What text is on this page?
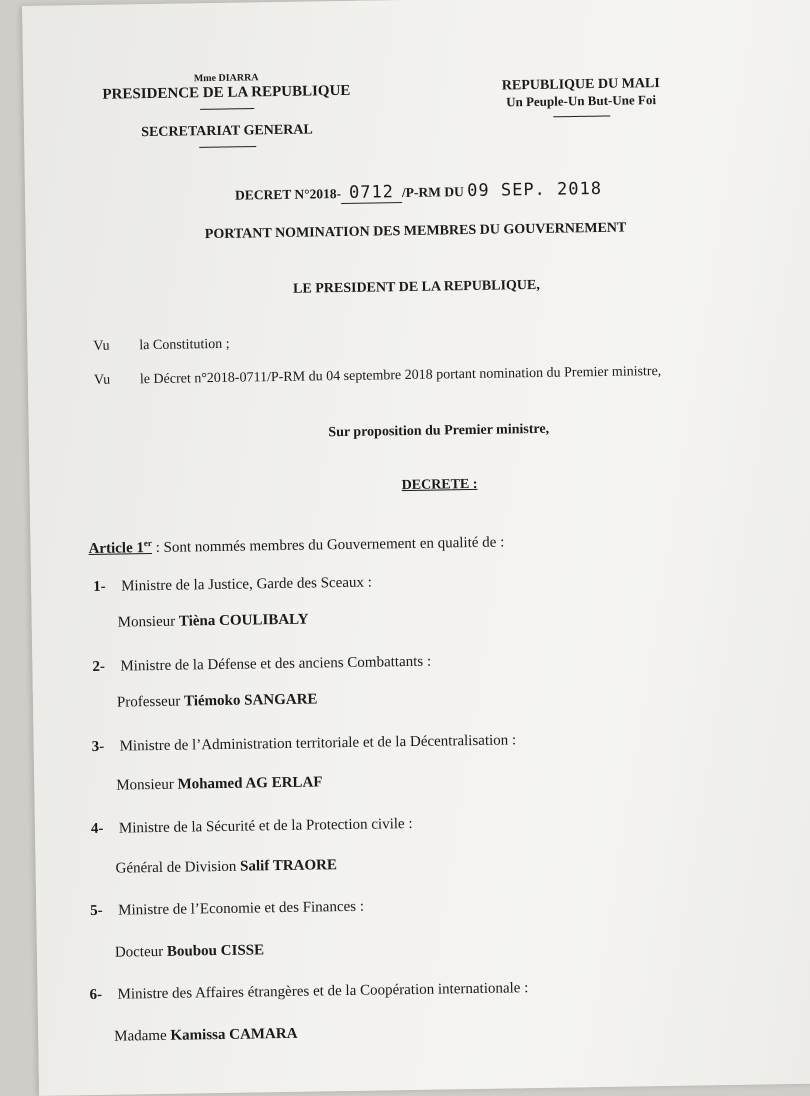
Mme DIARRA
PRESIDENCE DE LA REPUBLIQUE
------------------
SECRETARIAT GENERAL
-------------------
REPUBLIQUE DU MALI
Un Peuple-Un But-Une Foi
-------------------
DECRET N°2018- 0712 /P-RM DU 09 SEP. 2018
PORTANT NOMINATION DES MEMBRES DU GOUVERNEMENT
LE PRESIDENT DE LA REPUBLIQUE,
Vu la Constitution ;
Vu le Décret n°2018-0711/P-RM du 04 septembre 2018 portant nomination du Premier ministre,
Sur proposition du Premier ministre,
DECRETE :
Article 1er : Sont nommés membres du Gouvernement en qualité de :
1- Ministre de la Justice, Garde des Sceaux :
Monsieur Tièna COULIBALY
2- Ministre de la Défense et des anciens Combattants :
Professeur Tiémoko SANGARE
3- Ministre de l’Administration territoriale et de la Décentralisation :
Monsieur Mohamed AG ERLAF
4- Ministre de la Sécurité et de la Protection civile :
Général de Division Salif TRAORE
5- Ministre de l’Economie et des Finances :
Docteur Boubou CISSE
6- Ministre des Affaires étrangères et de la Coopération internationale :
Madame Kamissa CAMARA
